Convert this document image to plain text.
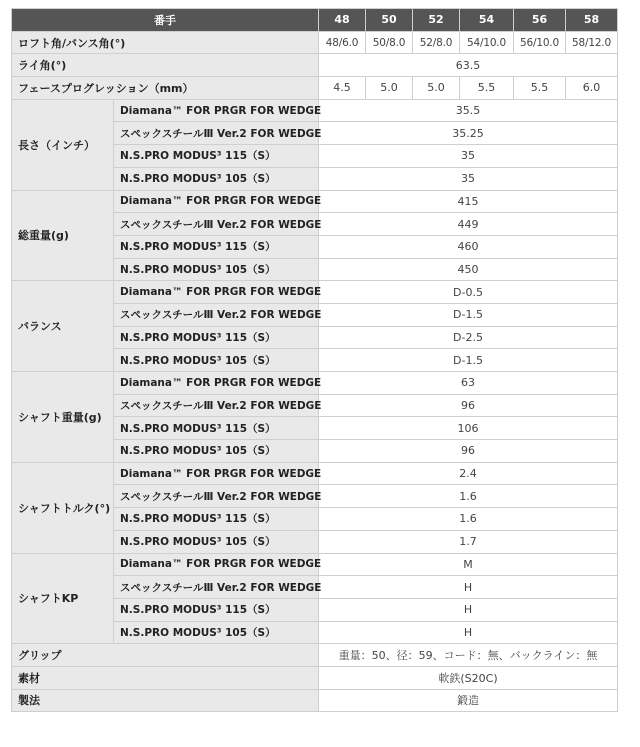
番手		48	50	52	54	56	58
ロフト角/バンス角(°)		48/6.0	50/8.0	52/8.0	54/10.0	56/10.0	58/12.0
ライ角(°)		63.5					
フェースプログレッション（mm）		4.5	5.0	5.0	5.5	5.5	6.0
長さ（インチ）	Diamana™ FOR PRGR FOR WEDGE	35.5					
	スペックスチールⅢ Ver.2 FOR WEDGE	35.25					
	N.S.PRO MODUS³ 115（S）	35					
	N.S.PRO MODUS³ 105（S）	35					
総重量(g)	Diamana™ FOR PRGR FOR WEDGE	415					
	スペックスチールⅢ Ver.2 FOR WEDGE	449					
	N.S.PRO MODUS³ 115（S）	460					
	N.S.PRO MODUS³ 105（S）	450					
バランス	Diamana™ FOR PRGR FOR WEDGE	D-0.5					
	スペックスチールⅢ Ver.2 FOR WEDGE	D-1.5					
	N.S.PRO MODUS³ 115（S）	D-2.5					
	N.S.PRO MODUS³ 105（S）	D-1.5					
シャフト重量(g)	Diamana™ FOR PRGR FOR WEDGE	63					
	スペックスチールⅢ Ver.2 FOR WEDGE	96					
	N.S.PRO MODUS³ 115（S）	106					
	N.S.PRO MODUS³ 105（S）	96					
シャフトトルク(°)	Diamana™ FOR PRGR FOR WEDGE	2.4					
	スペックスチールⅢ Ver.2 FOR WEDGE	1.6					
	N.S.PRO MODUS³ 115（S）	1.6					
	N.S.PRO MODUS³ 105（S）	1.7					
シャフトKP	Diamana™ FOR PRGR FOR WEDGE	M					
	スペックスチールⅢ Ver.2 FOR WEDGE	H					
	N.S.PRO MODUS³ 115（S）	H					
	N.S.PRO MODUS³ 105（S）	H					
グリップ		重量：50、径：59、コード：無、バックライン：無					
素材		軟鉄(S20C)					
製法		鍛造					
